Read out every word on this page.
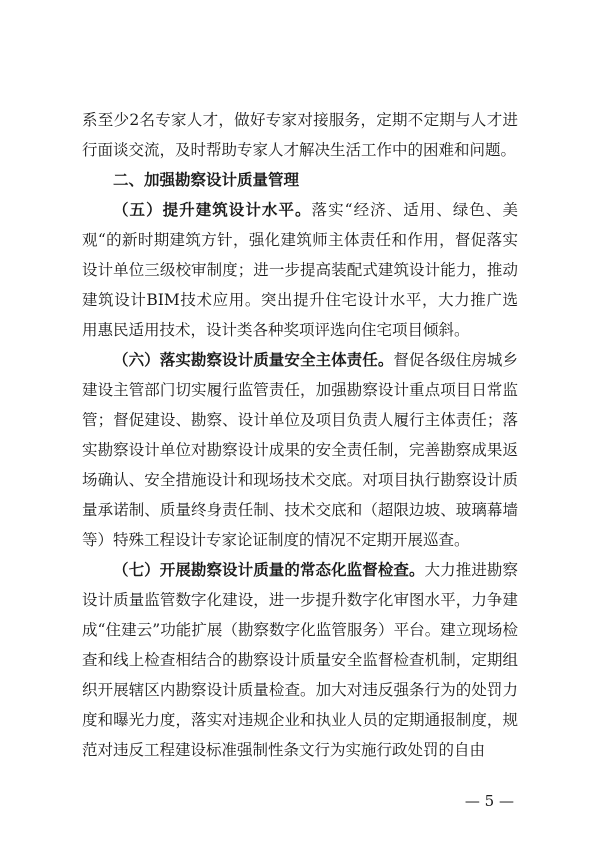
系至少2名专家人才，做好专家对接服务，定期不定期与人才进行面谈交流，及时帮助专家人才解决生活工作中的困难和问题。

二、加强勘察设计质量管理

（五）提升建筑设计水平。落实“经济、适用、绿色、美观“的新时期建筑方针，强化建筑师主体责任和作用，督促落实设计单位三级校审制度；进一步提高装配式建筑设计能力，推动建筑设计BIM技术应用。突出提升住宅设计水平，大力推广选用惠民适用技术，设计类各种奖项评选向住宅项目倾斜。

（六）落实勘察设计质量安全主体责任。督促各级住房城乡建设主管部门切实履行监管责任，加强勘察设计重点项目日常监管；督促建设、勘察、设计单位及项目负责人履行主体责任；落实勘察设计单位对勘察设计成果的安全责任制，完善勘察成果返场确认、安全措施设计和现场技术交底。对项目执行勘察设计质量承诺制、质量终身责任制、技术交底和（超限边坡、玻璃幕墙等）特殊工程设计专家论证制度的情况不定期开展巡查。

（七）开展勘察设计质量的常态化监督检查。大力推进勘察设计质量监管数字化建设，进一步提升数字化审图水平，力争建成“住建云”功能扩展（勘察数字化监管服务）平台。建立现场检查和线上检查相结合的勘察设计质量安全监督检查机制，定期组织开展辖区内勘察设计质量检查。加大对违反强条行为的处罚力度和曝光力度，落实对违规企业和执业人员的定期通报制度，规范对违反工程建设标准强制性条文行为实施行政处罚的自由

— 5 —
